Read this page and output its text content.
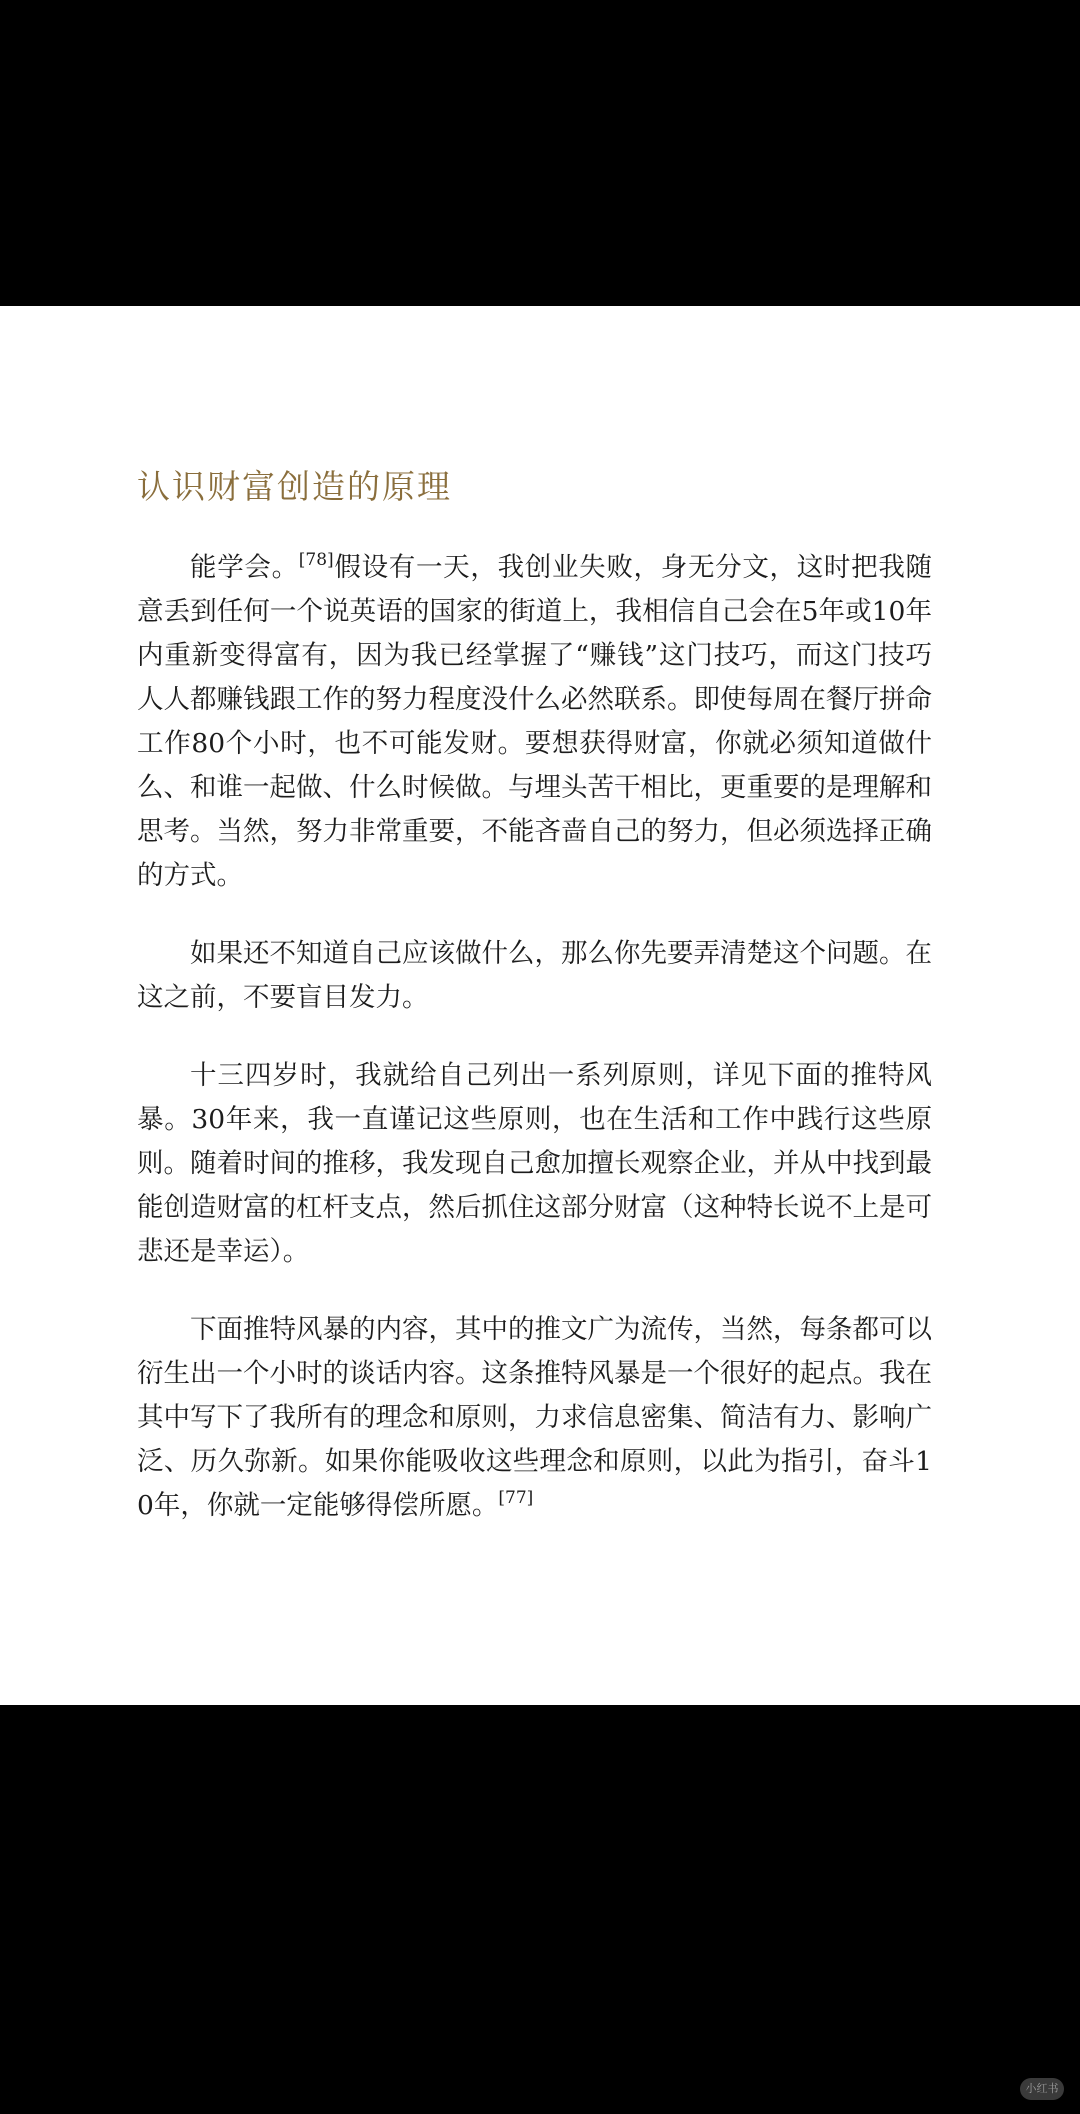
认识财富创造的原理

能学会。[78]假设有一天，我创业失败，身无分文，这时把我随意丢到任何一个说英语的国家的街道上，我相信自己会在5年或10年内重新变得富有，因为我已经掌握了“赚钱”这门技巧，而这门技巧人人都赚钱跟工作的努力程度没什么必然联系。即使每周在餐厅拼命工作80个小时，也不可能发财。要想获得财富，你就必须知道做什么、和谁一起做、什么时候做。与埋头苦干相比，更重要的是理解和思考。当然，努力非常重要，不能吝啬自己的努力，但必须选择正确的方式。

如果还不知道自己应该做什么，那么你先要弄清楚这个问题。在这之前，不要盲目发力。

十三四岁时，我就给自己列出一系列原则，详见下面的推特风暴。30年来，我一直谨记这些原则，也在生活和工作中践行这些原则。随着时间的推移，我发现自己愈加擅长观察企业，并从中找到最能创造财富的杠杆支点，然后抓住这部分财富（这种特长说不上是可悲还是幸运）。

下面推特风暴的内容，其中的推文广为流传，当然，每条都可以衍生出一个小时的谈话内容。这条推特风暴是一个很好的起点。我在其中写下了我所有的理念和原则，力求信息密集、简洁有力、影响广泛、历久弥新。如果你能吸收这些理念和原则，以此为指引，奋斗10年，你就一定能够得偿所愿。[77]

小红书
